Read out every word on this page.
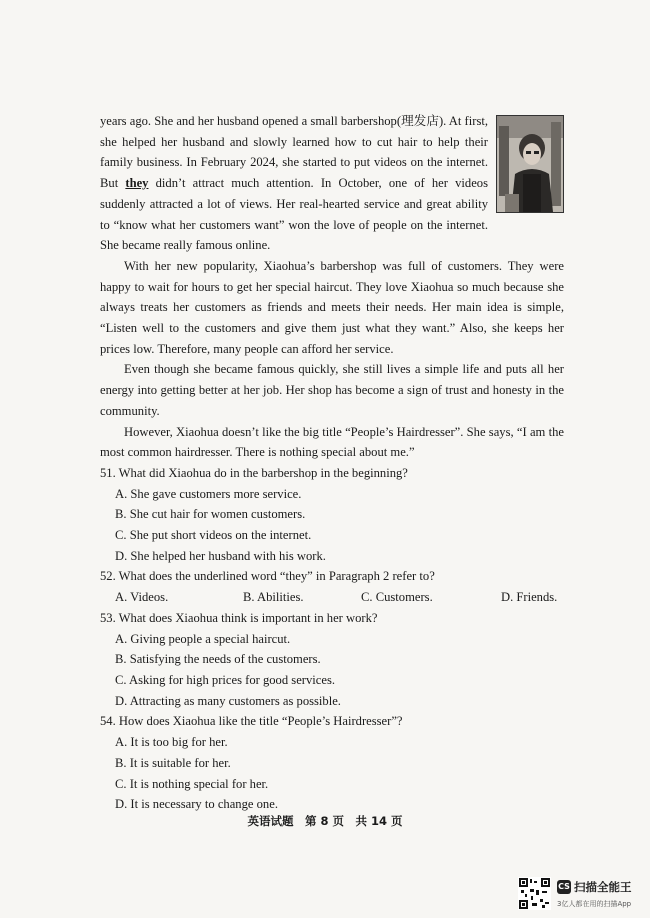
years ago. She and her husband opened a small barbershop(理发店). At first, she helped her husband and slowly learned how to cut hair to help their family business. In February 2024, she started to put videos on the internet. But they didn’t attract much attention. In October, one of her videos suddenly attracted a lot of views. Her real-hearted service and great ability to “know what her customers want” won the love of people on the internet. She became really famous online.

With her new popularity, Xiaohua’s barbershop was full of customers. They were happy to wait for hours to get her special haircut. They love Xiaohua so much because she always treats her customers as friends and meets their needs. Her main idea is simple, “Listen well to the customers and give them just what they want.” Also, she keeps her prices low. Therefore, many people can afford her service.

Even though she became famous quickly, she still lives a simple life and puts all her energy into getting better at her job. Her shop has become a sign of trust and honesty in the community.

However, Xiaohua doesn’t like the big title “People’s Hairdresser”. She says, “I am the most common hairdresser. There is nothing special about me.”

51. What did Xiaohua do in the barbershop in the beginning?

A. She gave customers more service.

B. She cut hair for women customers.

C. She put short videos on the internet.

D. She helped her husband with his work.

52. What does the underlined word “they” in Paragraph 2 refer to?

A. Videos.	B. Abilities.	C. Customers.	D. Friends.

53. What does Xiaohua think is important in her work?

A. Giving people a special haircut.

B. Satisfying the needs of the customers.

C. Asking for high prices for good services.

D. Attracting as many customers as possible.

54. How does Xiaohua like the title “People’s Hairdresser”?

A. It is too big for her.

B. It is suitable for her.

C. It is nothing special for her.

D. It is necessary to change one.

英语试题　第 8 页　共 14 页
CS 扫描全能王
3亿人都在用的扫描App
